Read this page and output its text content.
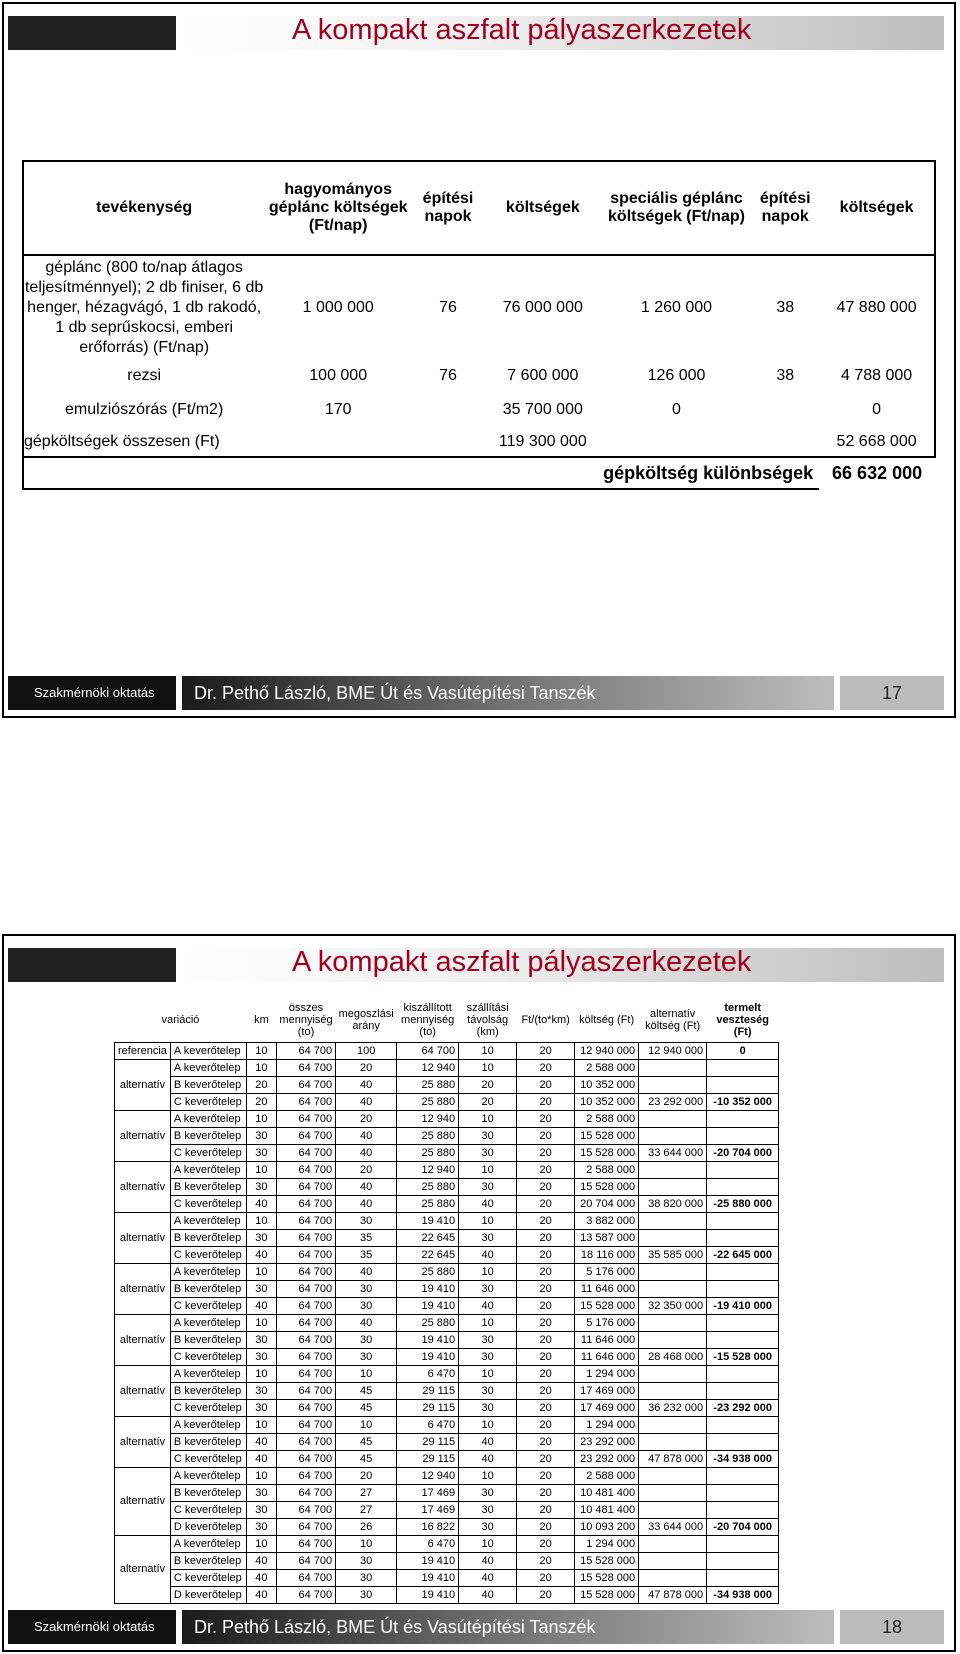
A kompakt aszfalt pályaszerkezetek
tevékenység	hagyományos géplánc költségek (Ft/nap)	építési napok	költségek	speciális géplánc költségek (Ft/nap)	építési napok	költségek
géplánc (800 to/nap átlagos teljesítménnyel); 2 db finiser, 6 db henger, hézagvágó, 1 db rakodó, 1 db seprűskocsi, emberi erőforrás) (Ft/nap)	1 000 000	76	76 000 000	1 260 000	38	47 880 000
rezsi	100 000	76	7 600 000	126 000	38	4 788 000
emulziószórás (Ft/m2)	170		35 700 000	0		0
gépköltségek összesen (Ft)			119 300 000			52 668 000
gépköltség különbségek						66 632 000
Szakmérnöki oktatás	Dr. Pethő László, BME Út és Vasútépítési Tanszék	17
A kompakt aszfalt pályaszerkezetek
variáció		km	összes mennyiség (to)	megoszlási arány	kiszállított mennyiség (to)	szállítási távolság (km)	Ft/(to*km)	költség (Ft)	alternatív költség (Ft)	termelt veszteség (Ft)
referencia	A keverőtelep	10	64 700	100	64 700	10	20	12 940 000	12 940 000	0
alternatív	A keverőtelep	10	64 700	20	12 940	10	20	2 588 000		
	B keverőtelep	20	64 700	40	25 880	20	20	10 352 000		
	C keverőtelep	20	64 700	40	25 880	20	20	10 352 000	23 292 000	-10 352 000
alternatív	A keverőtelep	10	64 700	20	12 940	10	20	2 588 000		
	B keverőtelep	30	64 700	40	25 880	30	20	15 528 000		
	C keverőtelep	30	64 700	40	25 880	30	20	15 528 000	33 644 000	-20 704 000
alternatív	A keverőtelep	10	64 700	20	12 940	10	20	2 588 000		
	B keverőtelep	30	64 700	40	25 880	30	20	15 528 000		
	C keverőtelep	40	64 700	40	25 880	40	20	20 704 000	38 820 000	-25 880 000
alternatív	A keverőtelep	10	64 700	30	19 410	10	20	3 882 000		
	B keverőtelep	30	64 700	35	22 645	30	20	13 587 000		
	C keverőtelep	40	64 700	35	22 645	40	20	18 116 000	35 585 000	-22 645 000
alternatív	A keverőtelep	10	64 700	40	25 880	10	20	5 176 000		
	B keverőtelep	30	64 700	30	19 410	30	20	11 646 000		
	C keverőtelep	40	64 700	30	19 410	40	20	15 528 000	32 350 000	-19 410 000
alternatív	A keverőtelep	10	64 700	40	25 880	10	20	5 176 000		
	B keverőtelep	30	64 700	30	19 410	30	20	11 646 000		
	C keverőtelep	30	64 700	30	19 410	30	20	11 646 000	28 468 000	-15 528 000
alternatív	A keverőtelep	10	64 700	10	6 470	10	20	1 294 000		
	B keverőtelep	30	64 700	45	29 115	30	20	17 469 000		
	C keverőtelep	30	64 700	45	29 115	30	20	17 469 000	36 232 000	-23 292 000
alternatív	A keverőtelep	10	64 700	10	6 470	10	20	1 294 000		
	B keverőtelep	40	64 700	45	29 115	40	20	23 292 000		
	C keverőtelep	40	64 700	45	29 115	40	20	23 292 000	47 878 000	-34 938 000
alternatív	A keverőtelep	10	64 700	20	12 940	10	20	2 588 000		
	B keverőtelep	30	64 700	27	17 469	30	20	10 481 400		
	C keverőtelep	30	64 700	27	17 469	30	20	10 481 400		
	D keverőtelep	30	64 700	26	16 822	30	20	10 093 200	33 644 000	-20 704 000
alternatív	A keverőtelep	10	64 700	10	6 470	10	20	1 294 000		
	B keverőtelep	40	64 700	30	19 410	40	20	15 528 000		
	C keverőtelep	40	64 700	30	19 410	40	20	15 528 000		
	D keverőtelep	40	64 700	30	19 410	40	20	15 528 000	47 878 000	-34 938 000
Szakmérnöki oktatás	Dr. Pethő László, BME Út és Vasútépítési Tanszék	18
